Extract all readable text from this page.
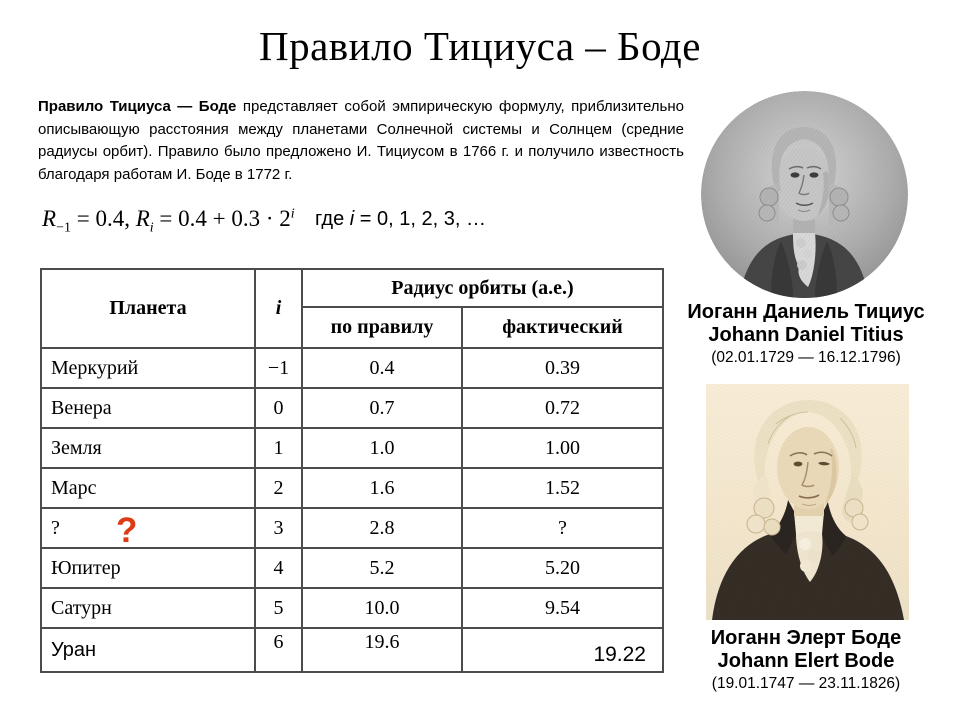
Правило Тициуса – Боде

Правило Тициуса — Боде представляет собой эмпирическую формулу, приблизительно описывающую расстояния между планетами Солнечной системы и Солнцем (средние радиусы орбит). Правило было предложено И. Тициусом в 1766 г. и получило известность благодаря работам И. Боде в 1772 г.

$R_{-1} = 0.4$, $R_i = 0.4 + 0.3 \cdot 2^i$ где i = 0, 1, 2, 3, …
Планета	i	Радиус орбиты (а.е.)	
		по правилу	фактический
Меркурий	−1	0.4	0.39
Венера	0	0.7	0.72
Земля	1	1.0	1.00
Марс	2	1.6	1.52
? ?	3	2.8	?
Юпитер	4	5.2	5.20
Сатурн	5	10.0	9.54
Уран	6	19.6	19.22
Иоганн Даниель Тициус
Johann Daniel Titius
(02.01.1729 — 16.12.1796)
Иоганн Элерт Боде
Johann Elert Bode
(19.01.1747 — 23.11.1826)
